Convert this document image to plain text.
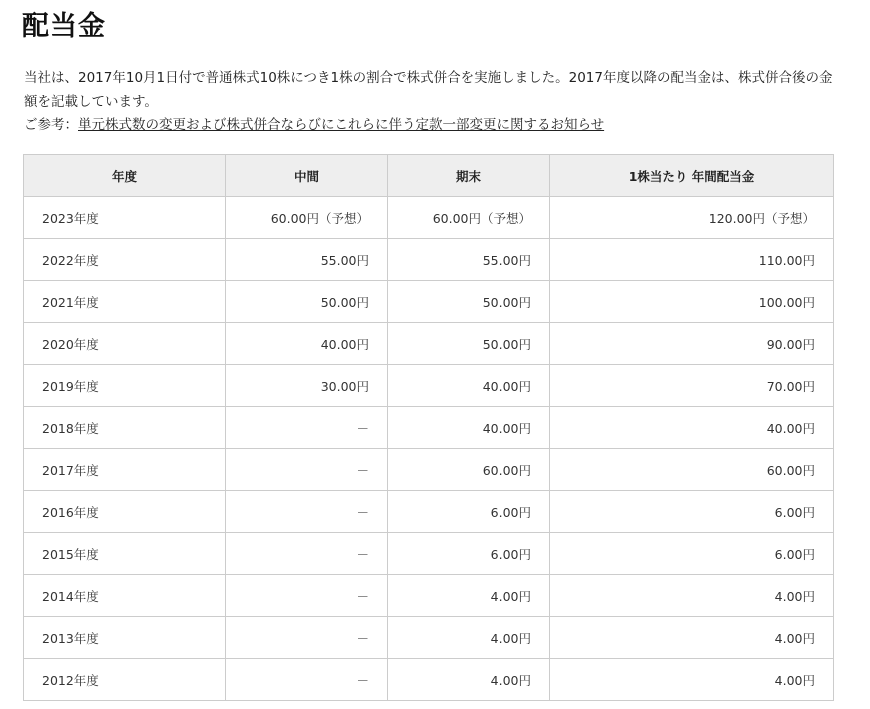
配当金

当社は、2017年10月1日付で普通株式10株につき1株の割合で株式併合を実施しました。2017年度以降の配当金は、株式併合後の金額を記載しています。

ご参考：単元株式数の変更および株式併合ならびにこれらに伴う定款一部変更に関するお知らせ

年度	中間	期末	1株当たり 年間配当金
2023年度	60.00円（予想）	60.00円（予想）	120.00円（予想）
2022年度	55.00円	55.00円	110.00円
2021年度	50.00円	50.00円	100.00円
2020年度	40.00円	50.00円	90.00円
2019年度	30.00円	40.00円	70.00円
2018年度	－	40.00円	40.00円
2017年度	－	60.00円	60.00円
2016年度	－	6.00円	6.00円
2015年度	－	6.00円	6.00円
2014年度	－	4.00円	4.00円
2013年度	－	4.00円	4.00円
2012年度	－	4.00円	4.00円
